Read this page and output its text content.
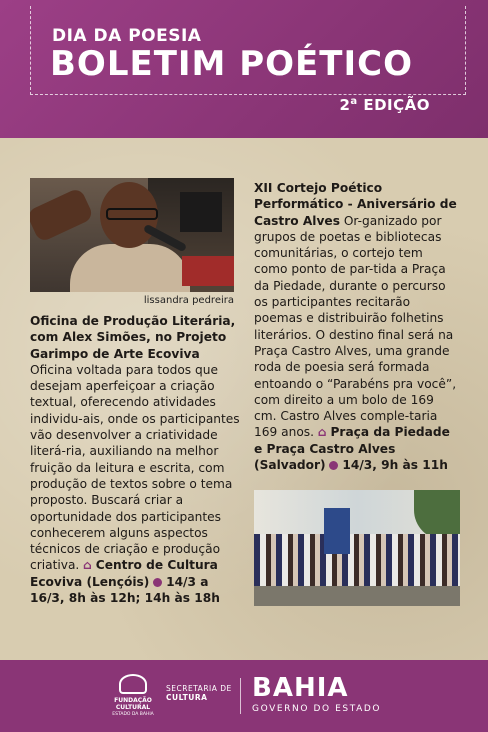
DIA DA POESIA
BOLETIM POÉTICO
2$^a$ EDIÇÃO
lissandra pedreira
Oficina de Produção Literária, com Alex Simões, no Projeto Garimpo de Arte Ecoviva Oficina voltada para todos que desejam aperfeiçoar a criação textual, oferecendo atividades individu-ais, onde os participantes vão desenvolver a criatividade literá-ria, auxiliando na melhor fruição da leitura e escrita, com produção de textos sobre o tema proposto. Buscará criar a oportunidade dos participantes conhecerem alguns aspectos técnicos de criação e produção criativa. ⌂ Centro de Cultura Ecoviva (Lençóis) 14/3 a 16/3, 8h às 12h; 14h às 18h
XII Cortejo Poético Performático - Aniversário de Castro Alves Or-ganizado por grupos de poetas e bibliotecas comunitárias, o cortejo tem como ponto de par-tida a Praça da Piedade, durante o percurso os participantes recitarão poemas e distribuirão folhetins literários. O destino final será na Praça Castro Alves, uma grande roda de poesia será formada entoando o “Parabéns pra você”, com direito a um bolo de 169 cm. Castro Alves comple-taria 169 anos. ⌂ Praça da Piedade e Praça Castro Alves (Salvador) 14/3, 9h às 11h
FUNDAÇÃO
CULTURAL
ESTADO DA BAHIA
SECRETARIA DE
CULTURA	BAHIA
GOVERNO DO ESTADO
